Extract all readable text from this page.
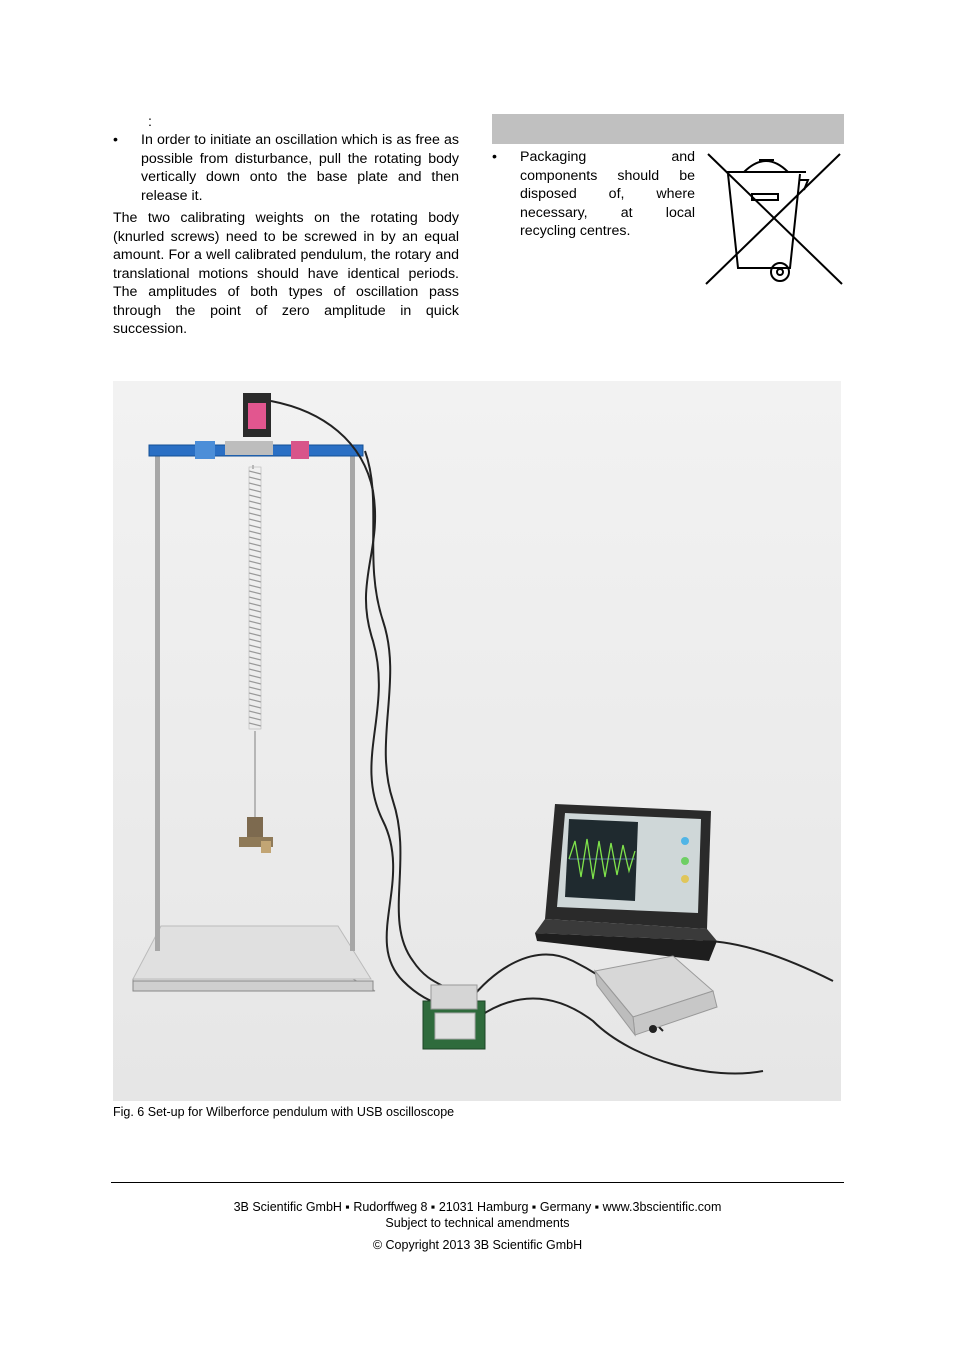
:
• In order to initiate an oscillation which is as free as possible from disturbance, pull the rotating body vertically down onto the base plate and then release it.
The two calibrating weights on the rotating body (knurled screws) need to be screwed in by an equal amount. For a well calibrated pendulum, the rotary and translational motions should have identical periods. The amplitudes of both types of oscillation pass through the point of zero amplitude in quick succession.
• Packaging and components should be disposed of, where necessary, at local recycling centres.
Fig. 6 Set-up for Wilberforce pendulum with USB oscilloscope
3B Scientific GmbH ▪ Rudorffweg 8 ▪ 21031 Hamburg ▪ Germany ▪ www.3bscientific.com
Subject to technical amendments
© Copyright 2013 3B Scientific GmbH
